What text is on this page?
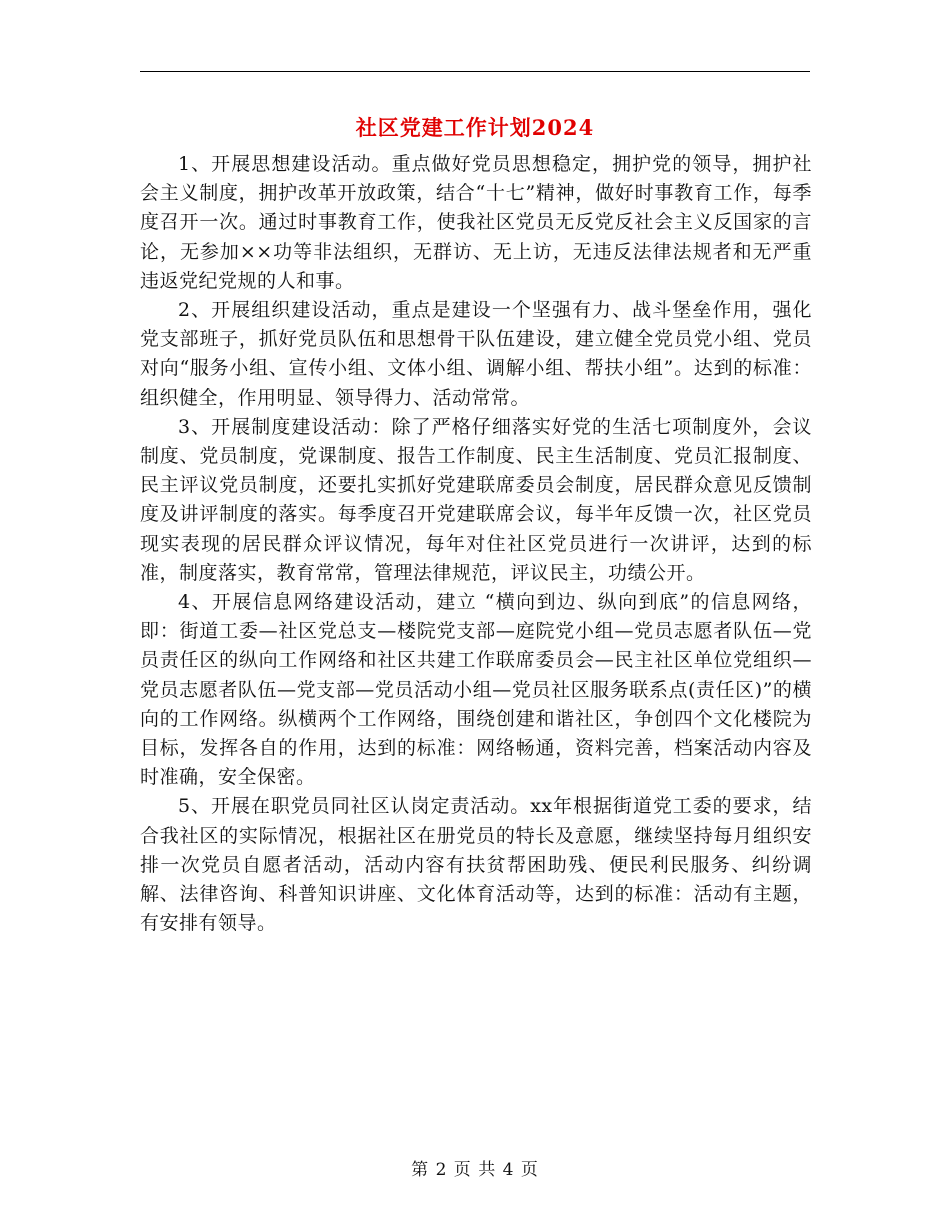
社区党建工作计划2024

1、开展思想建设活动。重点做好党员思想稳定，拥护党的领导，拥护社会主义制度，拥护改革开放政策，结合“十七”精神，做好时事教育工作，每季度召开一次。通过时事教育工作，使我社区党员无反党反社会主义反国家的言论，无参加××功等非法组织，无群访、无上访，无违反法律法规者和无严重违返党纪党规的人和事。

2、开展组织建设活动，重点是建设一个坚强有力、战斗堡垒作用，强化党支部班子，抓好党员队伍和思想骨干队伍建设，建立健全党员党小组、党员对向“服务小组、宣传小组、文体小组、调解小组、帮扶小组”。达到的标准：组织健全，作用明显、领导得力、活动常常。

3、开展制度建设活动：除了严格仔细落实好党的生活七项制度外，会议制度、党员制度，党课制度、报告工作制度、民主生活制度、党员汇报制度、民主评议党员制度，还要扎实抓好党建联席委员会制度，居民群众意见反馈制度及讲评制度的落实。每季度召开党建联席会议，每半年反馈一次，社区党员现实表现的居民群众评议情况，每年对住社区党员进行一次讲评，达到的标准，制度落实，教育常常，管理法律规范，评议民主，功绩公开。

4、开展信息网络建设活动，建立 “横向到边、纵向到底”的信息网络，即：街道工委—社区党总支—楼院党支部—庭院党小组—党员志愿者队伍—党员责任区的纵向工作网络和社区共建工作联席委员会—民主社区单位党组织—党员志愿者队伍—党支部—党员活动小组—党员社区服务联系点(责任区)”的横向的工作网络。纵横两个工作网络，围绕创建和谐社区，争创四个文化楼院为目标，发挥各自的作用，达到的标准：网络畅通，资料完善，档案活动内容及时准确，安全保密。

5、开展在职党员同社区认岗定责活动。xx年根据街道党工委的要求，结合我社区的实际情况，根据社区在册党员的特长及意愿，继续坚持每月组织安排一次党员自愿者活动，活动内容有扶贫帮困助残、便民利民服务、纠纷调解、法律咨询、科普知识讲座、文化体育活动等，达到的标准：活动有主题，有安排有领导。

第 2 页 共 4 页
